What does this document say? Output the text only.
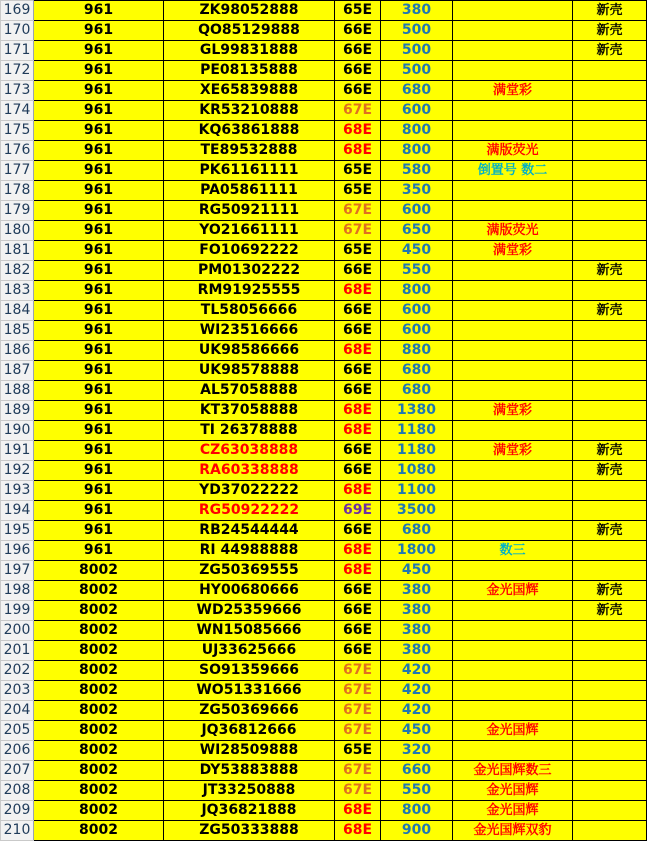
169	961	ZK98052888	65E	380		新壳
170	961	QO85129888	66E	500		新壳
171	961	GL99831888	66E	500		新壳
172	961	PE08135888	66E	500		
173	961	XE65839888	66E	680	满堂彩	
174	961	KR53210888	67E	600		
175	961	KQ63861888	68E	800		
176	961	TE89532888	68E	800	满版荧光	
177	961	PK61161111	65E	580	倒置号 数二	
178	961	PA05861111	65E	350		
179	961	RG50921111	67E	600		
180	961	YO21661111	67E	650	满版荧光	
181	961	FO10692222	65E	450	满堂彩	
182	961	PM01302222	66E	550		新壳
183	961	RM91925555	68E	800		
184	961	TL58056666	66E	600		新壳
185	961	WI23516666	66E	600		
186	961	UK98586666	68E	880		
187	961	UK98578888	66E	680		
188	961	AL57058888	66E	680		
189	961	KT37058888	68E	1380	满堂彩	
190	961	TI 26378888	68E	1180		
191	961	CZ63038888	66E	1180	满堂彩	新壳
192	961	RA60338888	66E	1080		新壳
193	961	YD37022222	68E	1100		
194	961	RG50922222	69E	3500		
195	961	RB24544444	66E	680		新壳
196	961	RI 44988888	68E	1800	数三	
197	8002	ZG50369555	68E	450		
198	8002	HY00680666	66E	380	金光国辉	新壳
199	8002	WD25359666	66E	380		新壳
200	8002	WN15085666	66E	380		
201	8002	UJ33625666	66E	380		
202	8002	SO91359666	67E	420		
203	8002	WO51331666	67E	420		
204	8002	ZG50369666	67E	420		
205	8002	JQ36812666	67E	450	金光国辉	
206	8002	WI28509888	65E	320		
207	8002	DY53883888	67E	660	金光国辉数三	
208	8002	JT33250888	67E	550	金光国辉	
209	8002	JQ36821888	68E	800	金光国辉	
210	8002	ZG50333888	68E	900	金光国辉双豹	
